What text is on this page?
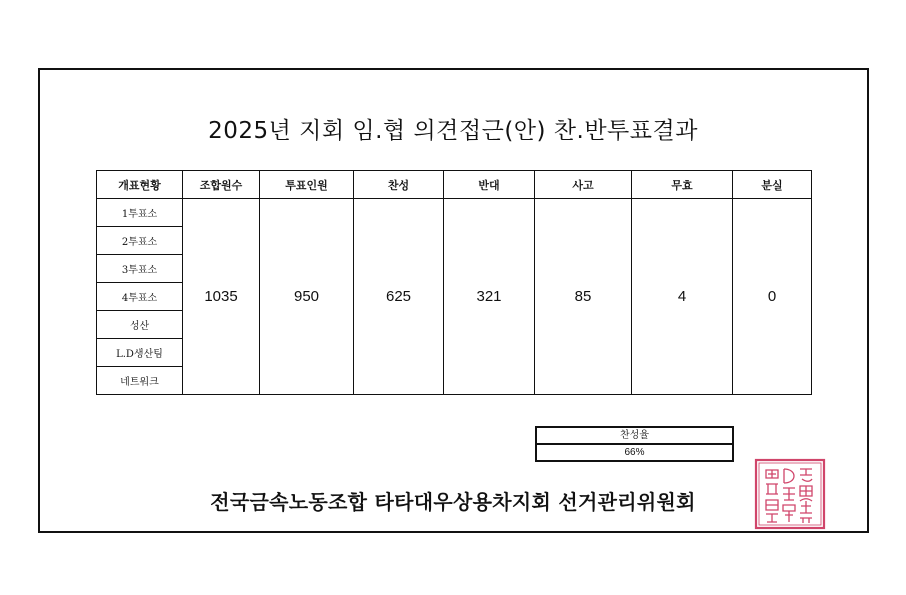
2025년 지회 임.협 의견접근(안) 찬.반투표결과
개표현황	조합원수	투표인원	찬성	반대	사고	무효	분실
1투표소	1035	950	625	321	85	4	0
2투표소							
3투표소							
4투표소							
성산							
L.D생산팀							
네트워크							
찬성율
66%
전국금속노동조합 타타대우상용차지회 선거관리위원회
